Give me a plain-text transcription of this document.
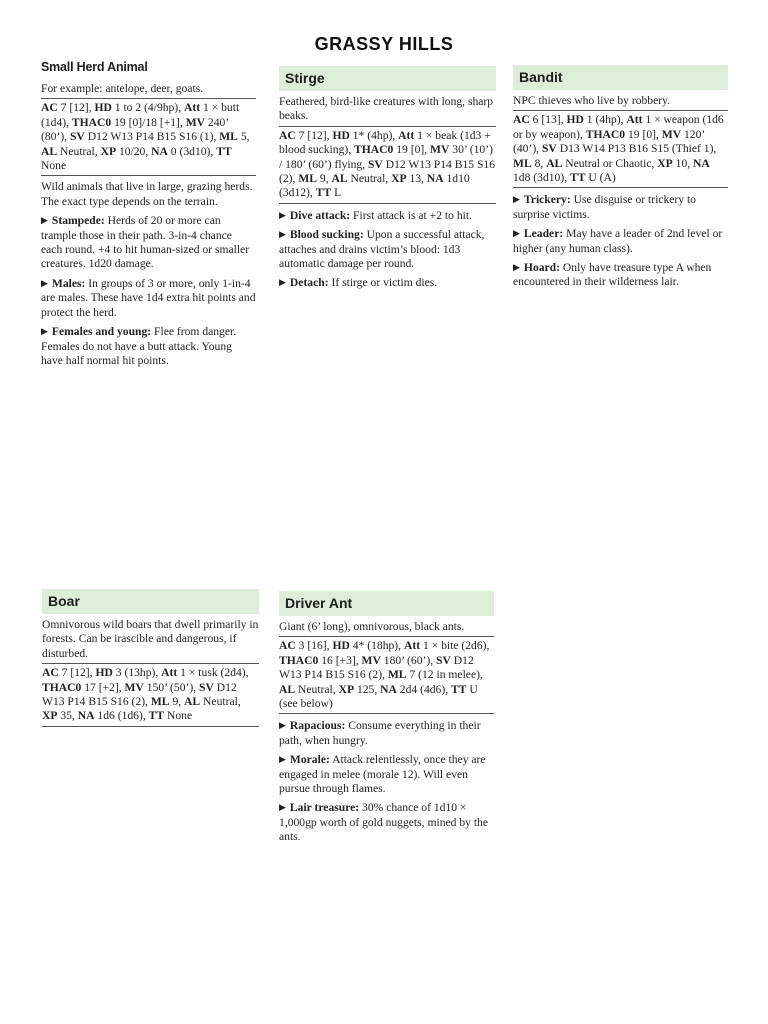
GRASSY HILLS
Small Herd Animal
For example: antelope, deer, goats.
AC 7 [12], HD 1 to 2 (4/9hp), Att 1 × butt (1d4), THAC0 19 [0]/18 [+1], MV 240’ (80’), SV D12 W13 P14 B15 S16 (1), ML 5, AL Neutral, XP 10/20, NA 0 (3d10), TT None
Wild animals that live in large, grazing herds. The exact type depends on the terrain.
▶ Stampede: Herds of 20 or more can trample those in their path. 3-in-4 chance each round. +4 to hit human-sized or smaller creatures. 1d20 damage.
▶ Males: In groups of 3 or more, only 1-in-4 are males. These have 1d4 extra hit points and protect the herd.
▶ Females and young: Flee from danger. Females do not have a butt attack. Young have half normal hit points.
Stirge
Feathered, bird-like creatures with long, sharp beaks.
AC 7 [12], HD 1* (4hp), Att 1 × beak (1d3 + blood sucking), THAC0 19 [0], MV 30’ (10’) / 180’ (60’) flying, SV D12 W13 P14 B15 S16 (2), ML 9, AL Neutral, XP 13, NA 1d10 (3d12), TT L
▶ Dive attack: First attack is at +2 to hit.
▶ Blood sucking: Upon a successful attack, attaches and drains victim’s blood: 1d3 automatic damage per round.
▶ Detach: If stirge or victim dies.
Bandit
NPC thieves who live by robbery.
AC 6 [13], HD 1 (4hp), Att 1 × weapon (1d6 or by weapon), THAC0 19 [0], MV 120’ (40’), SV D13 W14 P13 B16 S15 (Thief 1), ML 8, AL Neutral or Chaotic, XP 10, NA 1d8 (3d10), TT U (A)
▶ Trickery: Use disguise or trickery to surprise victims.
▶ Leader: May have a leader of 2nd level or higher (any human class).
▶ Hoard: Only have treasure type A when encountered in their wilderness lair.
Boar
Omnivorous wild boars that dwell primarily in forests. Can be irascible and dangerous, if disturbed.
AC 7 [12], HD 3 (13hp), Att 1 × tusk (2d4), THAC0 17 [+2], MV 150’ (50’), SV D12 W13 P14 B15 S16 (2), ML 9, AL Neutral, XP 35, NA 1d6 (1d6), TT None
Driver Ant
Giant (6’ long), omnivorous, black ants.
AC 3 [16], HD 4* (18hp), Att 1 × bite (2d6), THAC0 16 [+3], MV 180’ (60’), SV D12 W13 P14 B15 S16 (2), ML 7 (12 in melee), AL Neutral, XP 125, NA 2d4 (4d6), TT U (see below)
▶ Rapacious: Consume everything in their path, when hungry.
▶ Morale: Attack relentlessly, once they are engaged in melee (morale 12). Will even pursue through flames.
▶ Lair treasure: 30% chance of 1d10 × 1,000gp worth of gold nuggets, mined by the ants.
